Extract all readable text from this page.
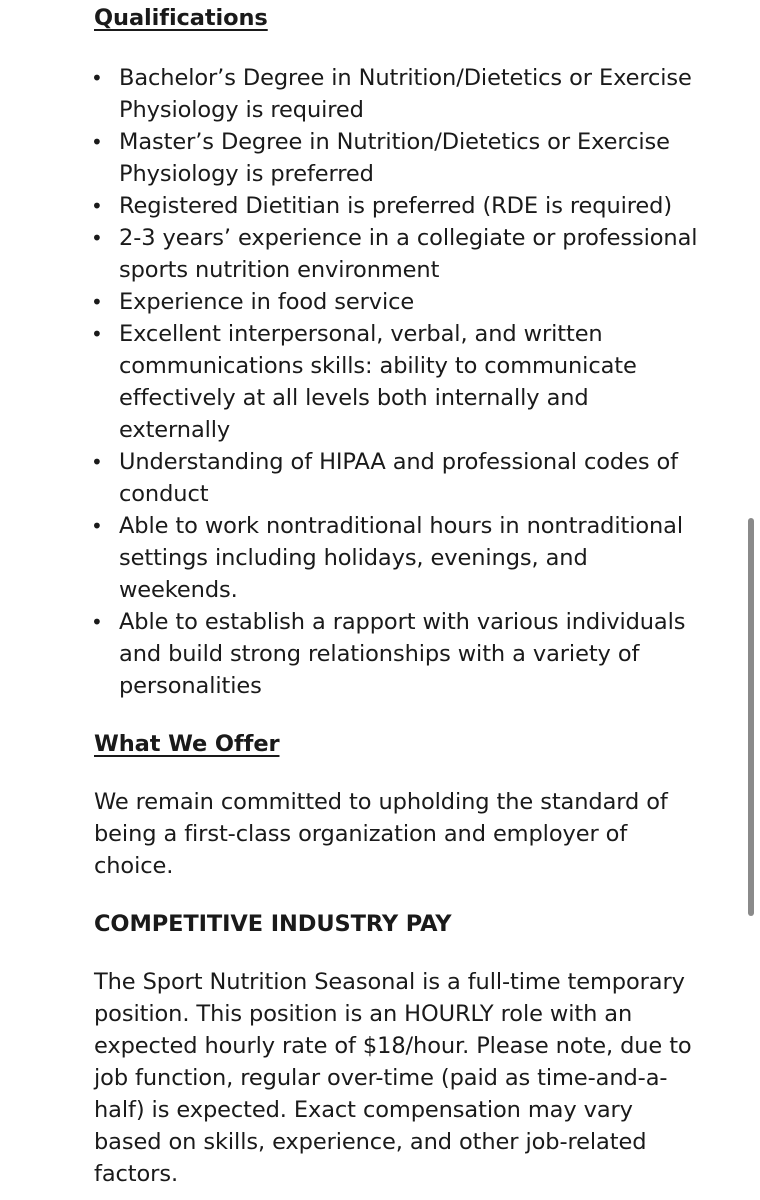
Qualifications
• Bachelor’s Degree in Nutrition/Dietetics or Exercise Physiology is required
• Master’s Degree in Nutrition/Dietetics or Exercise Physiology is preferred
• Registered Dietitian is preferred (RDE is required)
• 2-3 years’ experience in a collegiate or professional sports nutrition environment
• Experience in food service
• Excellent interpersonal, verbal, and written communications skills: ability to communicate effectively at all levels both internally and externally
• Understanding of HIPAA and professional codes of conduct
• Able to work nontraditional hours in nontraditional settings including holidays, evenings, and weekends.
• Able to establish a rapport with various individuals and build strong relationships with a variety of personalities
What We Offer

We remain committed to upholding the standard of being a first-class organization and employer of choice.

COMPETITIVE INDUSTRY PAY

The Sport Nutrition Seasonal is a full-time temporary position. This position is an HOURLY role with an expected hourly rate of $18/hour. Please note, due to job function, regular over-time (paid as time-and-a-half) is expected. Exact compensation may vary based on skills, experience, and other job-related factors.
